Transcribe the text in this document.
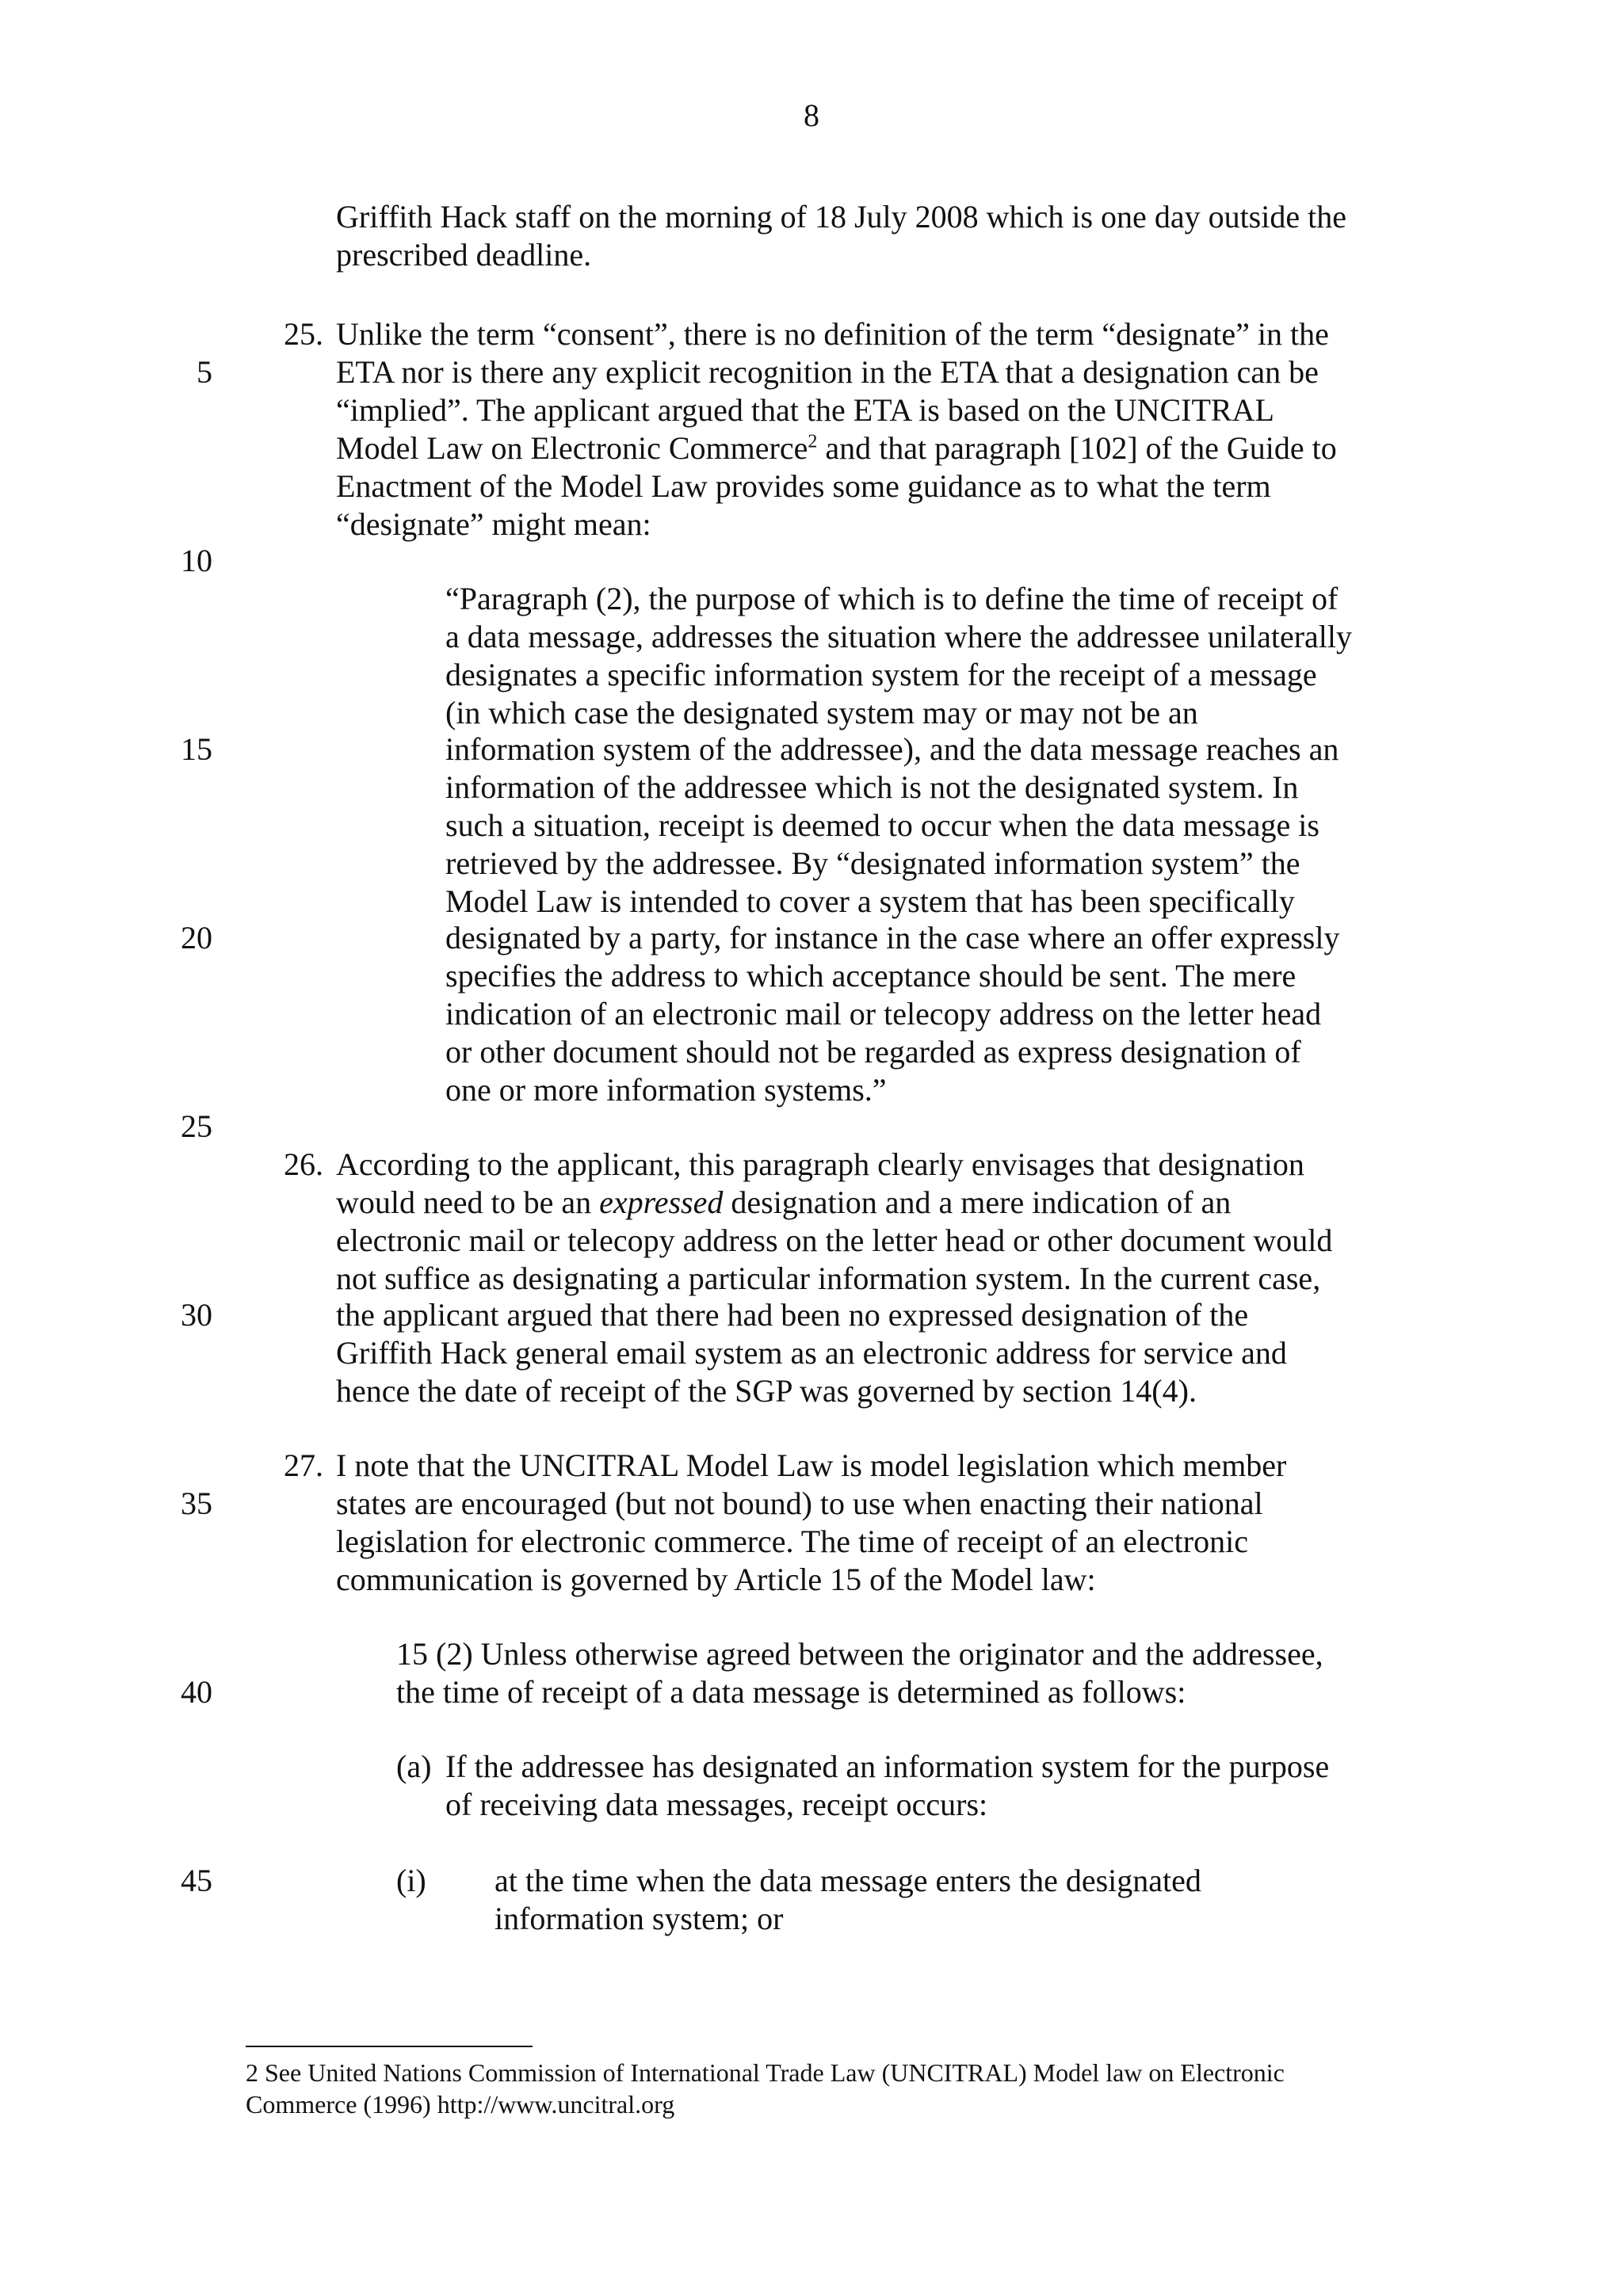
8
5
10
15
20
25
30
35
40
45
Griffith Hack staff on the morning of 18 July 2008 which is one day outside the
prescribed deadline.
25. Unlike the term “consent”, there is no definition of the term “designate” in the
ETA nor is there any explicit recognition in the ETA that a designation can be
“implied”. The applicant argued that the ETA is based on the UNCITRAL
Model Law on Electronic Commerce$^2$ and that paragraph [102] of the Guide to
Enactment of the Model Law provides some guidance as to what the term
“designate” might mean:
“Paragraph (2), the purpose of which is to define the time of receipt of
a data message, addresses the situation where the addressee unilaterally
designates a specific information system for the receipt of a message
(in which case the designated system may or may not be an
information system of the addressee), and the data message reaches an
information of the addressee which is not the designated system. In
such a situation, receipt is deemed to occur when the data message is
retrieved by the addressee. By “designated information system” the
Model Law is intended to cover a system that has been specifically
designated by a party, for instance in the case where an offer expressly
specifies the address to which acceptance should be sent. The mere
indication of an electronic mail or telecopy address on the letter head
or other document should not be regarded as express designation of
one or more information systems.”
26. According to the applicant, this paragraph clearly envisages that designation
would need to be an expressed designation and a mere indication of an
electronic mail or telecopy address on the letter head or other document would
not suffice as designating a particular information system. In the current case,
the applicant argued that there had been no expressed designation of the
Griffith Hack general email system as an electronic address for service and
hence the date of receipt of the SGP was governed by section 14(4).
27. I note that the UNCITRAL Model Law is model legislation which member
states are encouraged (but not bound) to use when enacting their national
legislation for electronic commerce. The time of receipt of an electronic
communication is governed by Article 15 of the Model law:
15 (2) Unless otherwise agreed between the originator and the addressee,
the time of receipt of a data message is determined as follows:
(a) If the addressee has designated an information system for the purpose
of receiving data messages, receipt occurs:
(i) at the time when the data message enters the designated
information system; or
2 See United Nations Commission of International Trade Law (UNCITRAL) Model law on Electronic
Commerce (1996) http://www.uncitral.org
